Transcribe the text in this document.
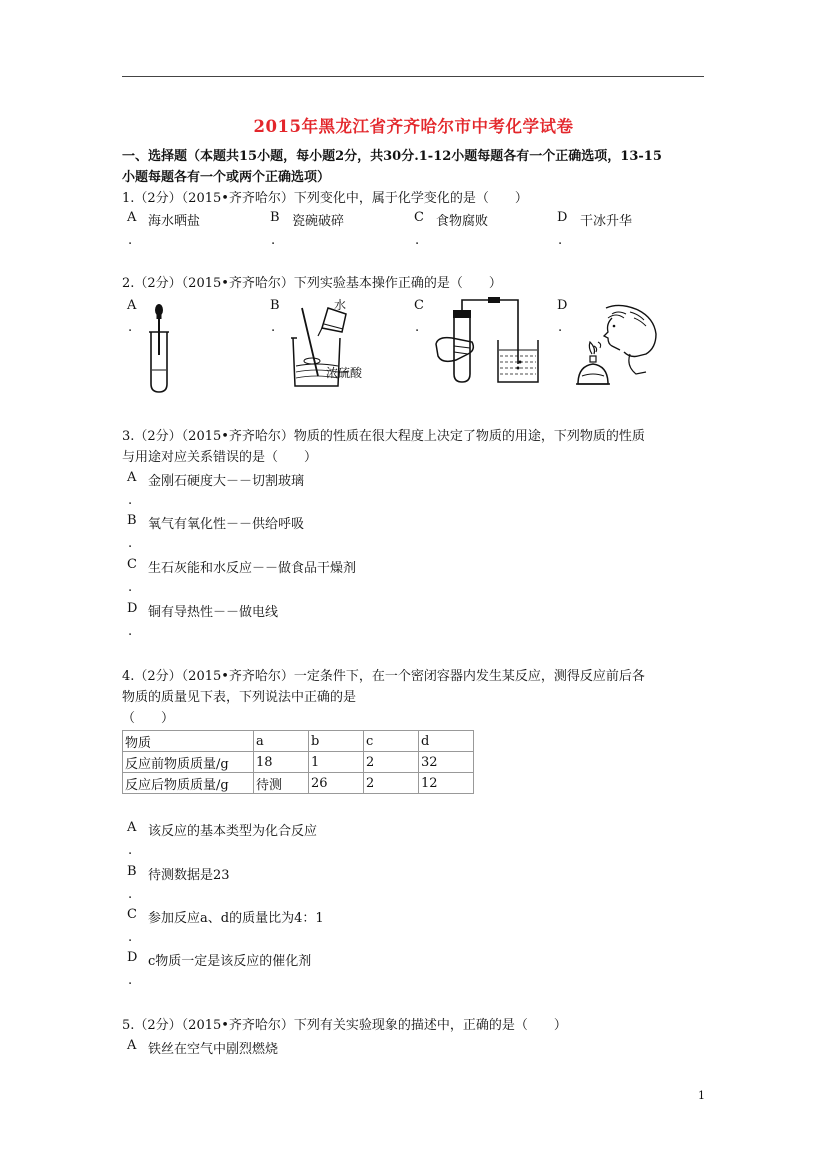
2015年黑龙江省齐齐哈尔市中考化学试卷
一、选择题（本题共15小题，每小题2分，共30分.1-12小题每题各有一个正确选项，13-15
小题每题各有一个或两个正确选项）
1.（2分）（2015•齐齐哈尔）下列变化中，属于化学变化的是（　　）
A 海水晒盐	B 瓷碗破碎	C 食物腐败	D 干冰升华
.	.	.	.
2.（2分）（2015•齐齐哈尔）下列实验基本操作正确的是（　　）
A	B	C	D
.	.	.	.
水
浓硫酸
3.（2分）（2015•齐齐哈尔）物质的性质在很大程度上决定了物质的用途，下列物质的性质
与用途对应关系错误的是（　　）
A 金刚石硬度大－－切割玻璃
.
B 氧气有氧化性－－供给呼吸
.
C 生石灰能和水反应－－做食品干燥剂
.
D 铜有导热性－－做电线
.
4.（2分）（2015•齐齐哈尔）一定条件下，在一个密闭容器内发生某反应，测得反应前后各
物质的质量见下表，下列说法中正确的是
（　　）
物质	a	b	c	d
反应前物质质量/g	18	1	2	32
反应后物质质量/g	待测	26	2	12
A 该反应的基本类型为化合反应
.
B 待测数据是23
.
C 参加反应a、d的质量比为4：1
.
D c物质一定是该反应的催化剂
.
5.（2分）（2015•齐齐哈尔）下列有关实验现象的描述中，正确的是（　　）
A 铁丝在空气中剧烈燃烧
1
